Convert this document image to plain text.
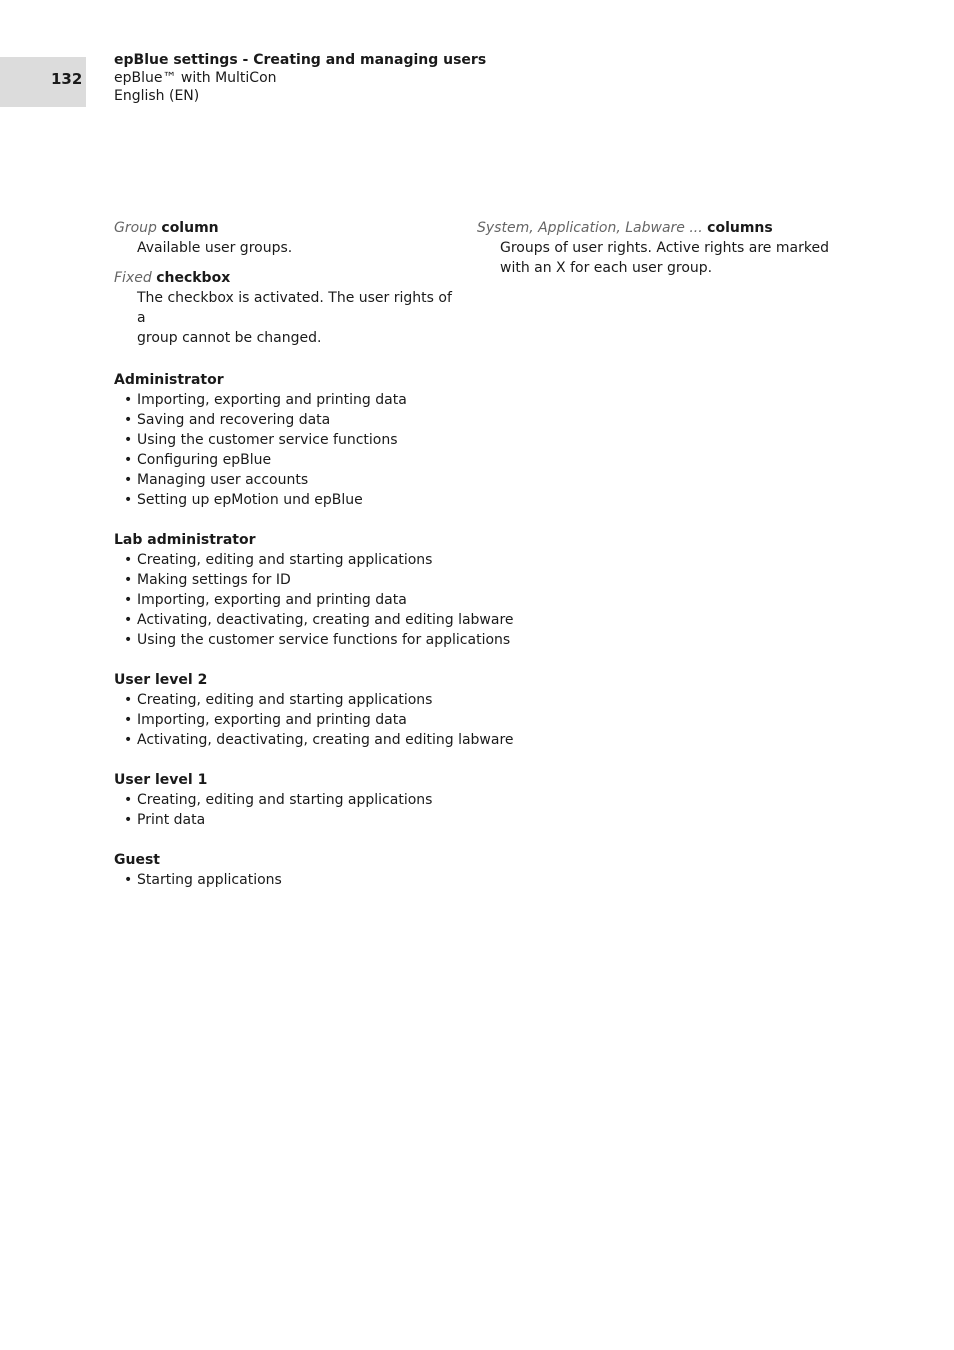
132
epBlue settings - Creating and managing users
epBlue™ with MultiCon
English (EN)
Group column
Available user groups.
Fixed checkbox
The checkbox is activated. The user rights of a
group cannot be changed.
System, Application, Labware ... columns
Groups of user rights. Active rights are marked
with an X for each user group.
Administrator
• Importing, exporting and printing data
• Saving and recovering data
• Using the customer service functions
• Configuring epBlue
• Managing user accounts
• Setting up epMotion und epBlue
Lab administrator
• Creating, editing and starting applications
• Making settings for ID
• Importing, exporting and printing data
• Activating, deactivating, creating and editing labware
• Using the customer service functions for applications
User level 2
• Creating, editing and starting applications
• Importing, exporting and printing data
• Activating, deactivating, creating and editing labware
User level 1
• Creating, editing and starting applications
• Print data
Guest
• Starting applications
